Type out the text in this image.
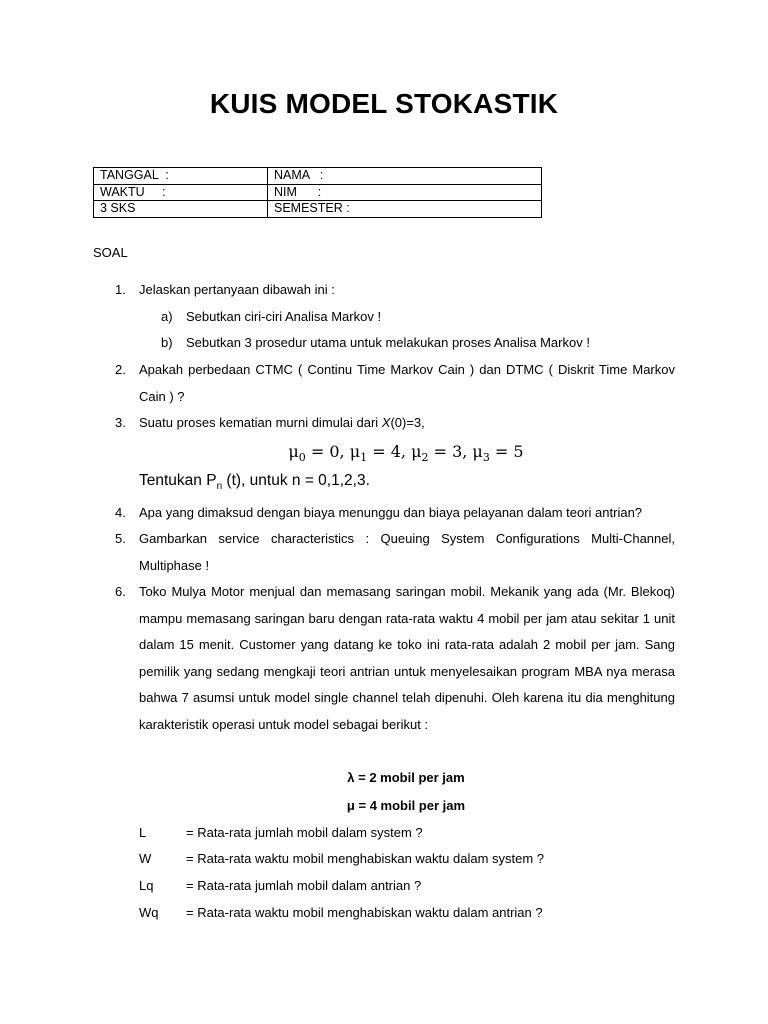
KUIS MODEL STOKASTIK
TANGGAL  :	NAMA   :
WAKTU     :	NIM      :
3 SKS	SEMESTER :
SOAL
1. Jelaskan pertanyaan dibawah ini :
a) Sebutkan ciri-ciri Analisa Markov !
b) Sebutkan 3 prosedur utama untuk melakukan proses Analisa Markov !
2. Apakah perbedaan CTMC ( Continu Time Markov Cain ) dan DTMC ( Diskrit Time Markov Cain ) ?
3. Suatu proses kematian murni dimulai dari X(0)=3,
$\mu_0 = 0$, $\mu_1 = 4$, $\mu_2 = 3$, $\mu_3 = 5$
Tentukan $P_n$ (t), untuk n = 0,1,2,3.
4. Apa yang dimaksud dengan biaya menunggu dan biaya pelayanan dalam teori antrian?
5. Gambarkan service characteristics : Queuing System Configurations Multi-Channel, Multiphase !
6. Toko Mulya Motor menjual dan memasang saringan mobil. Mekanik yang ada (Mr. Blekoq) mampu memasang saringan baru dengan rata-rata waktu 4 mobil per jam atau sekitar 1 unit dalam 15 menit. Customer yang datang ke toko ini rata-rata adalah 2 mobil per jam. Sang pemilik yang sedang mengkaji teori antrian untuk menyelesaikan program MBA nya merasa bahwa 7 asumsi untuk model single channel telah dipenuhi. Oleh karena itu dia menghitung karakteristik operasi untuk model sebagai berikut :
λ = 2 mobil per jam
μ = 4 mobil per jam
L	= Rata-rata jumlah mobil dalam system ?
W	= Rata-rata waktu mobil menghabiskan waktu dalam system ?
Lq	= Rata-rata jumlah mobil dalam antrian ?
Wq = Rata-rata waktu mobil menghabiskan waktu dalam antrian ?
